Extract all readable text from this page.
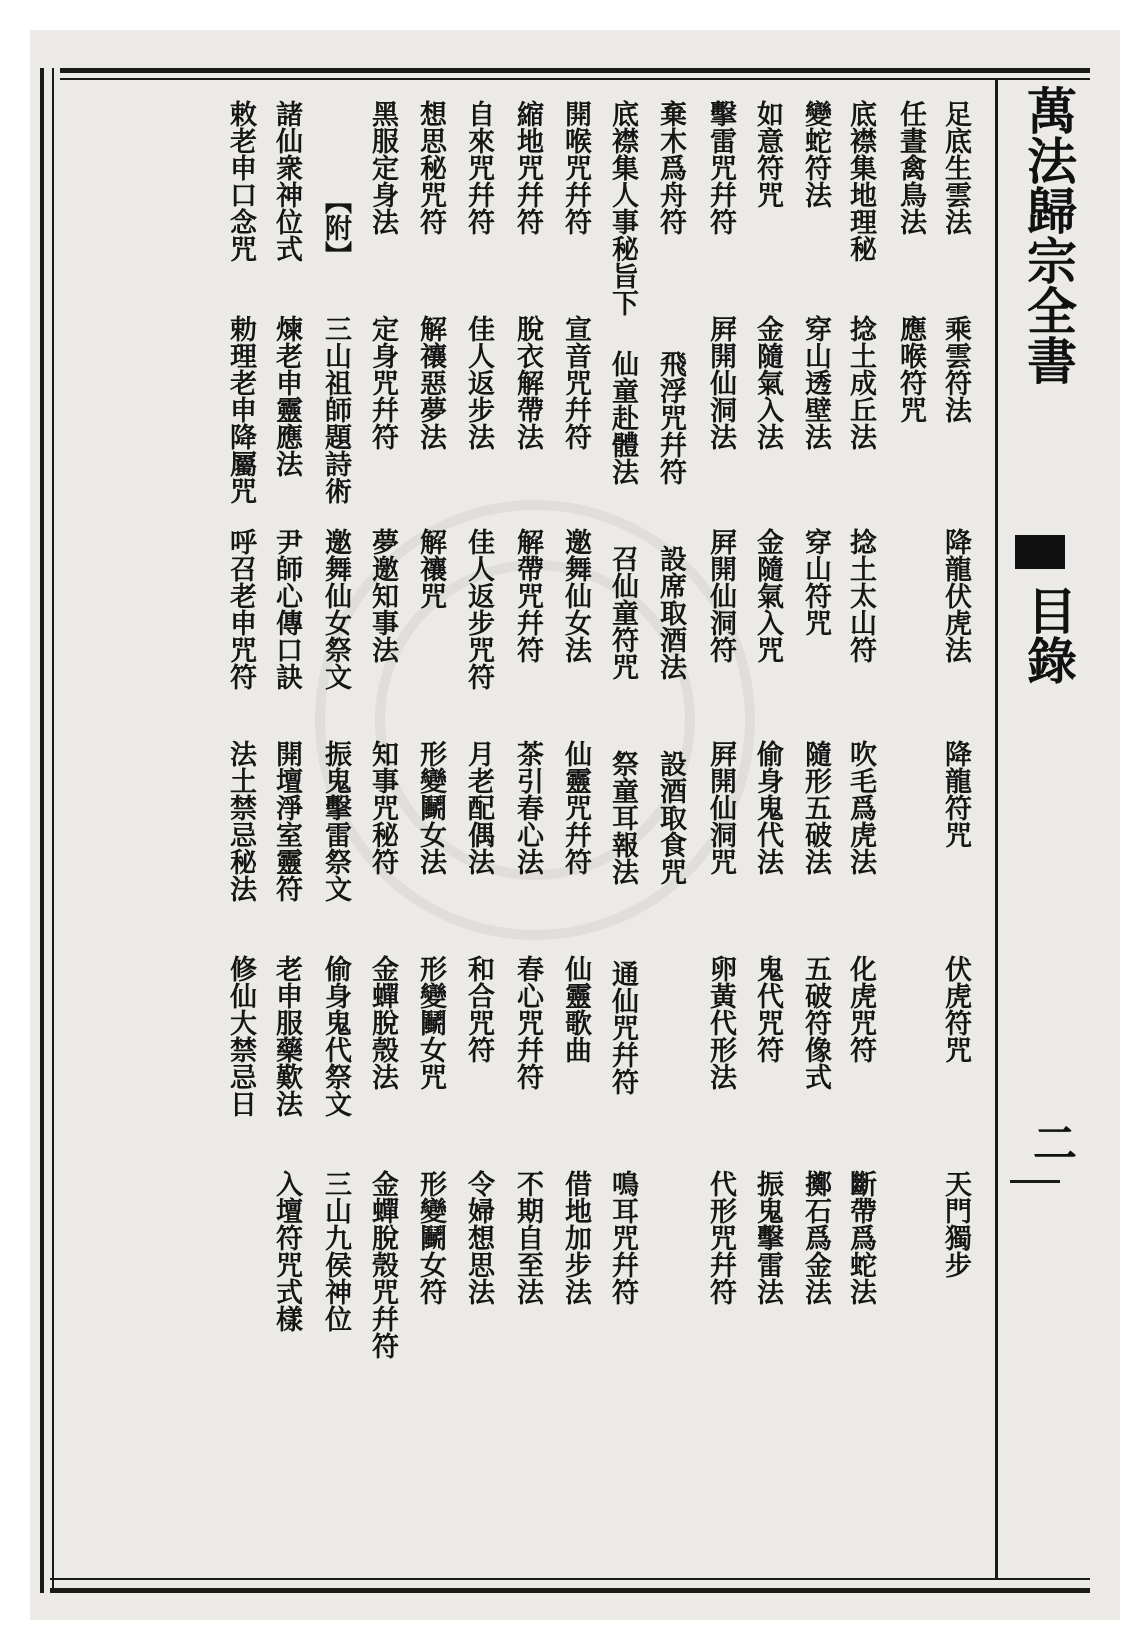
萬法歸宗全書
目錄
二
足底生雲法
乘雲符法
降龍伏虎法
降龍符咒
伏虎符咒
天門獨步
任晝禽鳥法
應喉符咒
底襟集地理秘
捻土成丘法
捻土太山符
吹毛爲虎法
化虎咒符
斷帶爲蛇法
變蛇符法
穿山透壁法
穿山符咒
隨形五破法
五破符像式
擲石爲金法
如意符咒
金隨氣入法
金隨氣入咒
偷身鬼代法
鬼代咒符
振鬼擊雷法
擊雷咒幷符
屛開仙洞法
屛開仙洞符
屛開仙洞咒
卵黃代形法
代形咒幷符
棄木爲舟符
飛浮咒幷符
設席取酒法
設酒取食咒
底襟集人事秘旨下
仙童赴體法
召仙童符咒
祭童耳報法
通仙咒幷符
鳴耳咒幷符
開喉咒幷符
宣音咒幷符
邀舞仙女法
仙靈咒幷符
仙靈歌曲
借地加步法
縮地咒幷符
脫衣解帶法
解帶咒幷符
茶引春心法
春心咒幷符
不期自至法
自來咒幷符
佳人返步法
佳人返步咒符
月老配偶法
和合咒符
令婦想思法
想思秘咒符
解禳惡夢法
解禳咒
形變鬭女法
形變鬭女咒
形變鬭女符
黑服定身法
定身咒幷符
夢邀知事法
知事咒秘符
金蟬脫殼法
金蟬脫殼咒幷符
【附】
三山祖師題詩術
邀舞仙女祭文
振鬼擊雷祭文
偷身鬼代祭文
三山九侯神位
諸仙衆神位式
煉老申靈應法
尹師心傳口訣
開壇淨室靈符
老申服藥歎法
入壇符咒式樣
敕老申口念咒
勅理老申降屬咒
呼召老申咒符
法土禁忌秘法
修仙大禁忌日
